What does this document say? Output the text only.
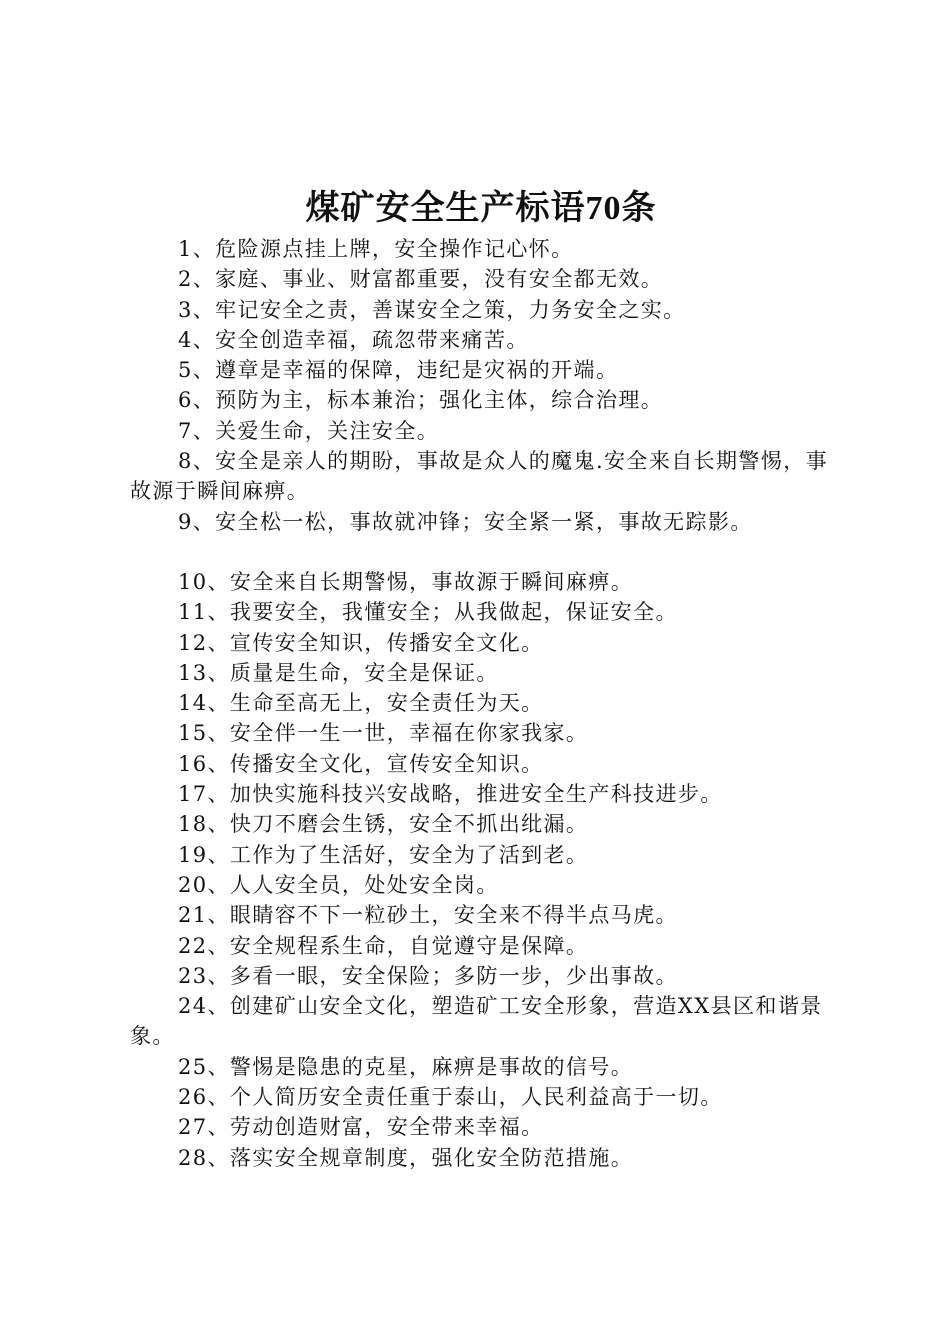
煤矿安全生产标语70条

1、危险源点挂上牌，安全操作记心怀。

2、家庭、事业、财富都重要，没有安全都无效。

3、牢记安全之责，善谋安全之策，力务安全之实。

4、安全创造幸福，疏忽带来痛苦。

5、遵章是幸福的保障，违纪是灾祸的开端。

6、预防为主，标本兼治；强化主体，综合治理。

7、关爱生命，关注安全。

8、安全是亲人的期盼，事故是众人的魔鬼.安全来自长期警惕，事故源于瞬间麻痹。

9、安全松一松，事故就冲锋；安全紧一紧，事故无踪影。

10、安全来自长期警惕，事故源于瞬间麻痹。

11、我要安全，我懂安全；从我做起，保证安全。

12、宣传安全知识，传播安全文化。

13、质量是生命，安全是保证。

14、生命至高无上，安全责任为天。

15、安全伴一生一世，幸福在你家我家。

16、传播安全文化，宣传安全知识。

17、加快实施科技兴安战略，推进安全生产科技进步。

18、快刀不磨会生锈，安全不抓出纰漏。

19、工作为了生活好，安全为了活到老。

20、人人安全员，处处安全岗。

21、眼睛容不下一粒砂土，安全来不得半点马虎。

22、安全规程系生命，自觉遵守是保障。

23、多看一眼，安全保险；多防一步，少出事故。

24、创建矿山安全文化，塑造矿工安全形象，营造XX县区和谐景象。

25、警惕是隐患的克星，麻痹是事故的信号。

26、个人简历安全责任重于泰山，人民利益高于一切。

27、劳动创造财富，安全带来幸福。

28、落实安全规章制度，强化安全防范措施。
